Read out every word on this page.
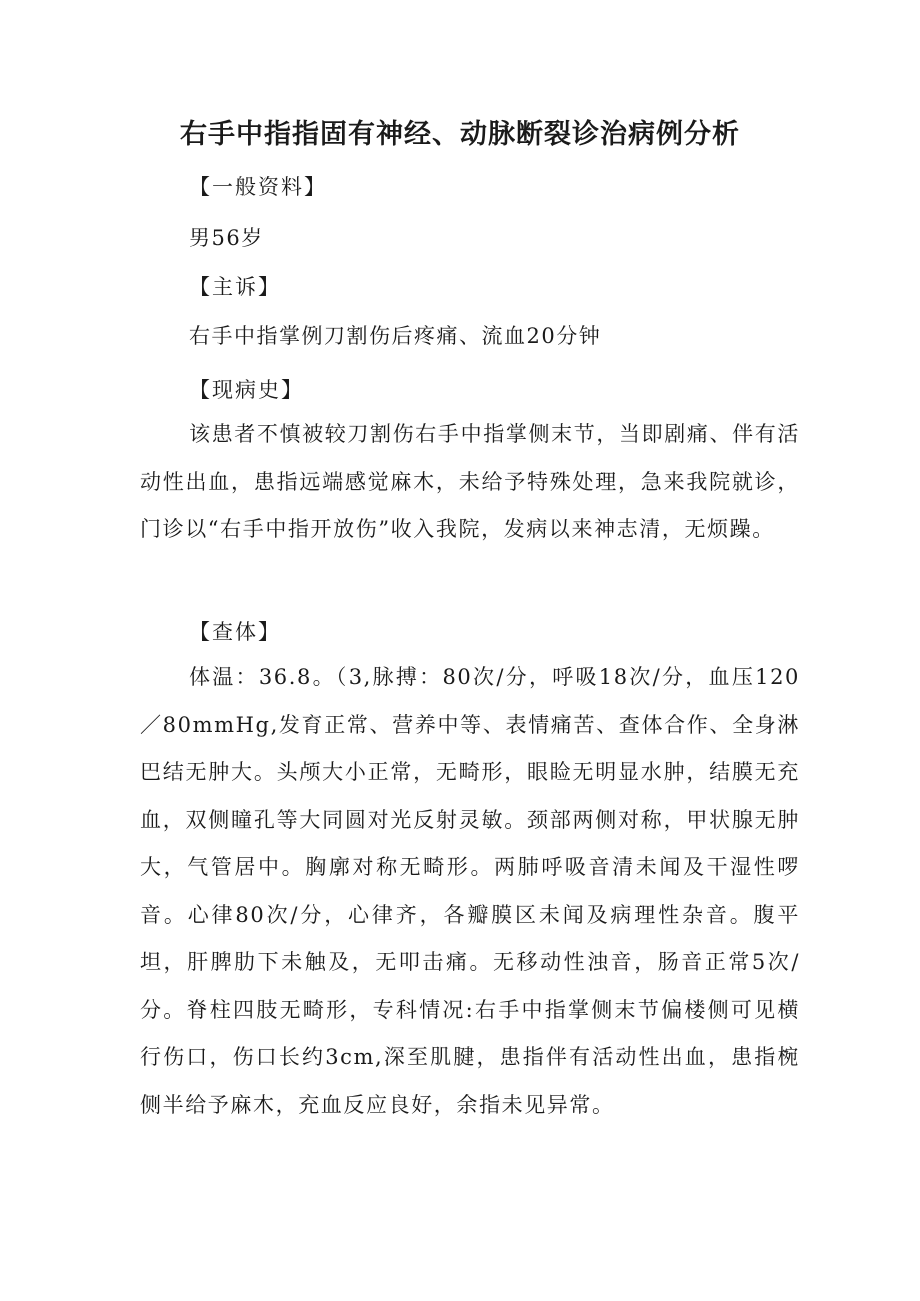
右手中指指固有神经、动脉断裂诊治病例分析

【一般资料】

男56岁

【主诉】

右手中指掌例刀割伤后疼痛、流血20分钟

【现病史】

该患者不慎被较刀割伤右手中指掌侧末节，当即剧痛、伴有活动性出血，患指远端感觉麻木，未给予特殊处理，急来我院就诊，门诊以“右手中指开放伤”收入我院，发病以来神志清，无烦躁。

【查体】

体温：36.8。（3,脉搏：80次/分，呼吸18次/分，血压120／80mmHg,发育正常、营养中等、表情痛苦、查体合作、全身淋巴结无肿大。头颅大小正常，无畸形，眼睑无明显水肿，结膜无充血，双侧瞳孔等大同圆对光反射灵敏。颈部两侧对称，甲状腺无肿大，气管居中。胸廓对称无畸形。两肺呼吸音清未闻及干湿性啰音。心律80次/分，心律齐，各瓣膜区未闻及病理性杂音。腹平坦，肝脾肋下未触及，无叩击痛。无移动性浊音，肠音正常5次/分。脊柱四肢无畸形，专科情况:右手中指掌侧末节偏楼侧可见横行伤口，伤口长约3cm,深至肌腱，患指伴有活动性出血，患指椀侧半给予麻木，充血反应良好，余指未见异常。
